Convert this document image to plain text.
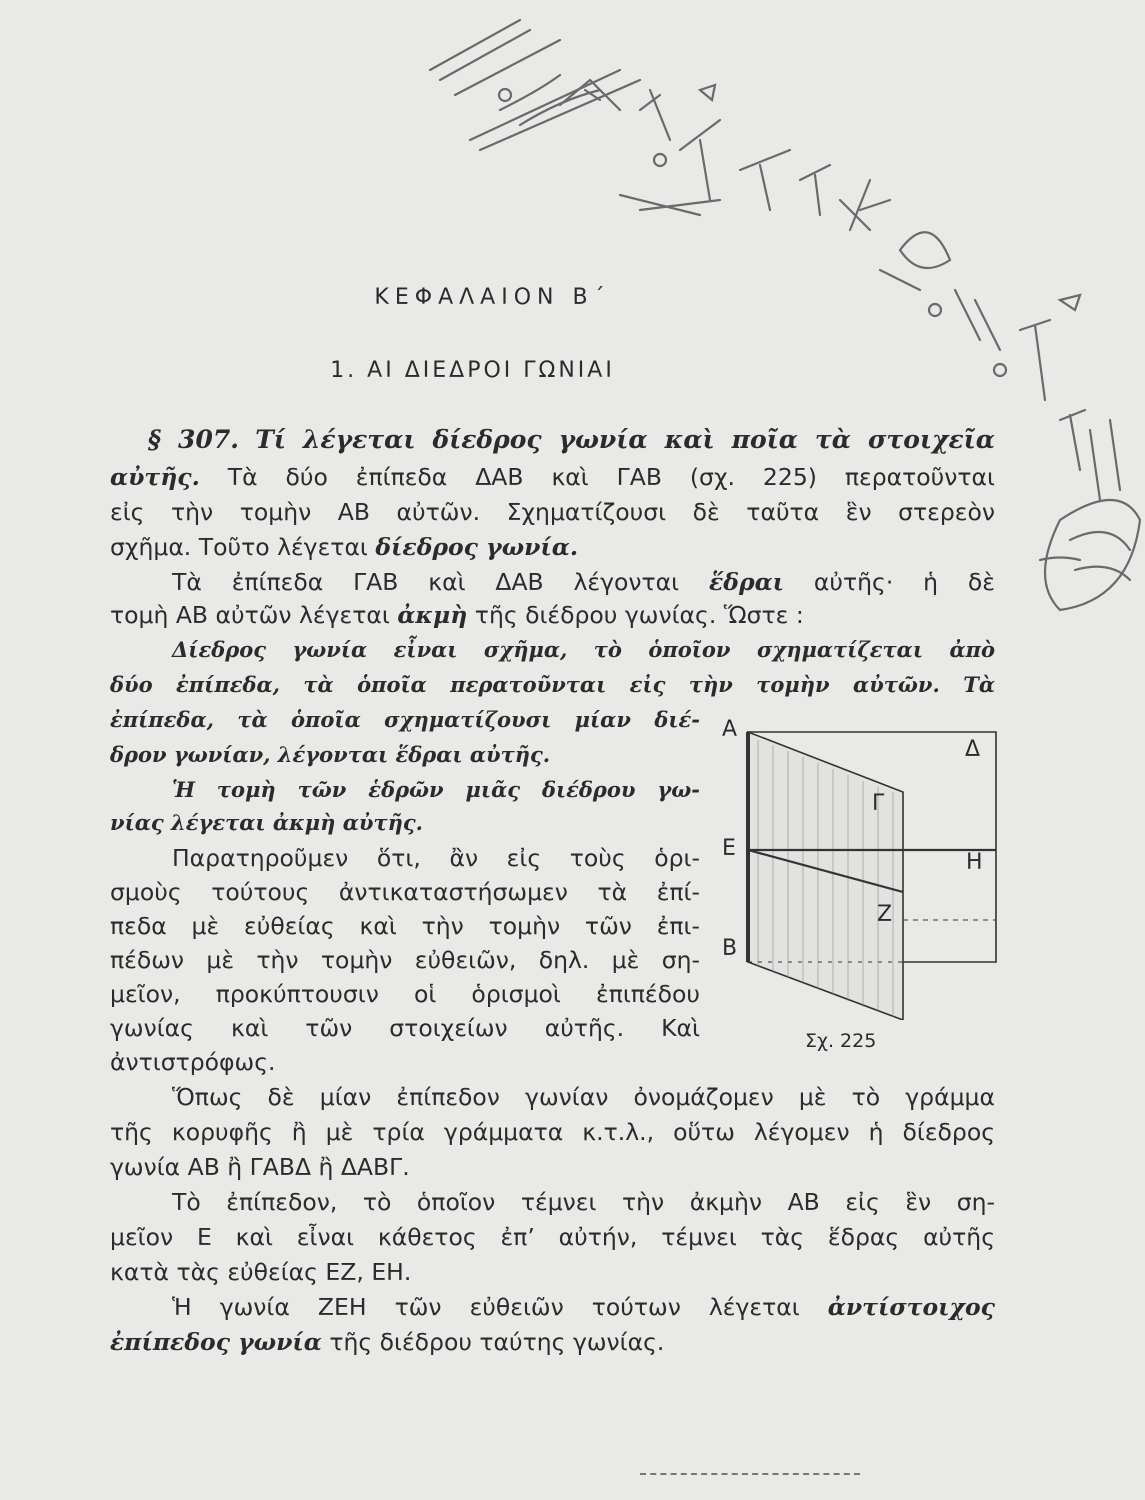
ΚΕΦΑΛΑΙΟΝ Β΄
1. ΑΙ ΔΙΕΔΡΟΙ ΓΩΝΙΑΙ
§ 307. Τί λέγεται δίεδρος γωνία καὶ ποῖα τὰ στοιχεῖα
αὐτῆς. Τὰ δύο ἐπίπεδα ΔΑΒ καὶ ΓΑΒ (σχ. 225) περατοῦνται
εἰς τὴν τομὴν ΑΒ αὐτῶν. Σχηματίζουσι δὲ ταῦτα ἓν στερεὸν
σχῆμα. Τοῦτο λέγεται δίεδρος γωνία.
Τὰ ἐπίπεδα ΓΑΒ καὶ ΔΑΒ λέγονται ἕδραι αὐτῆς· ἡ δὲ
τομὴ ΑΒ αὐτῶν λέγεται ἀκμὴ τῆς διέδρου γωνίας. Ὥστε :
Δίεδρος γωνία εἶναι σχῆμα, τὸ ὁποῖον σχηματίζεται ἀπὸ
δύο ἐπίπεδα, τὰ ὁποῖα περατοῦνται εἰς τὴν τομὴν αὐτῶν. Τὰ
ἐπίπεδα, τὰ ὁποῖα σχηματίζουσι μίαν διέ-
δρον γωνίαν, λέγονται ἕδραι αὐτῆς.
Ἡ τομὴ τῶν ἑδρῶν μιᾶς διέδρου γω-
νίας λέγεται ἀκμὴ αὐτῆς.
Παρατηροῦμεν ὅτι, ἂν εἰς τοὺς ὁρι-
σμοὺς τούτους ἀντικαταστήσωμεν τὰ ἐπί-
πεδα μὲ εὐθείας καὶ τὴν τομὴν τῶν ἐπι-
πέδων μὲ τὴν τομὴν εὐθειῶν, δηλ. μὲ ση-
μεῖον, προκύπτουσιν οἱ ὁρισμοὶ ἐπιπέδου
γωνίας καὶ τῶν στοιχείων αὐτῆς. Καὶ
ἀντιστρόφως.
Α
Δ
Γ
Ε
Η
Ζ
Β
Σχ. 225
Ὅπως δὲ μίαν ἐπίπεδον γωνίαν ὀνομάζομεν μὲ τὸ γράμμα
τῆς κορυφῆς ἢ μὲ τρία γράμματα κ.τ.λ., οὕτω λέγομεν ἡ δίεδρος
γωνία ΑΒ ἢ ΓΑΒΔ ἢ ΔΑΒΓ.
Τὸ ἐπίπεδον, τὸ ὁποῖον τέμνει τὴν ἀκμὴν ΑΒ εἰς ἓν ση-
μεῖον Ε καὶ εἶναι κάθετος ἐπ’ αὐτήν, τέμνει τὰς ἕδρας αὐτῆς
κατὰ τὰς εὐθείας ΕΖ, ΕΗ.
Ἡ γωνία ΖΕΗ τῶν εὐθειῶν τούτων λέγεται ἀντίστοιχος
ἐπίπεδος γωνία τῆς διέδρου ταύτης γωνίας.
